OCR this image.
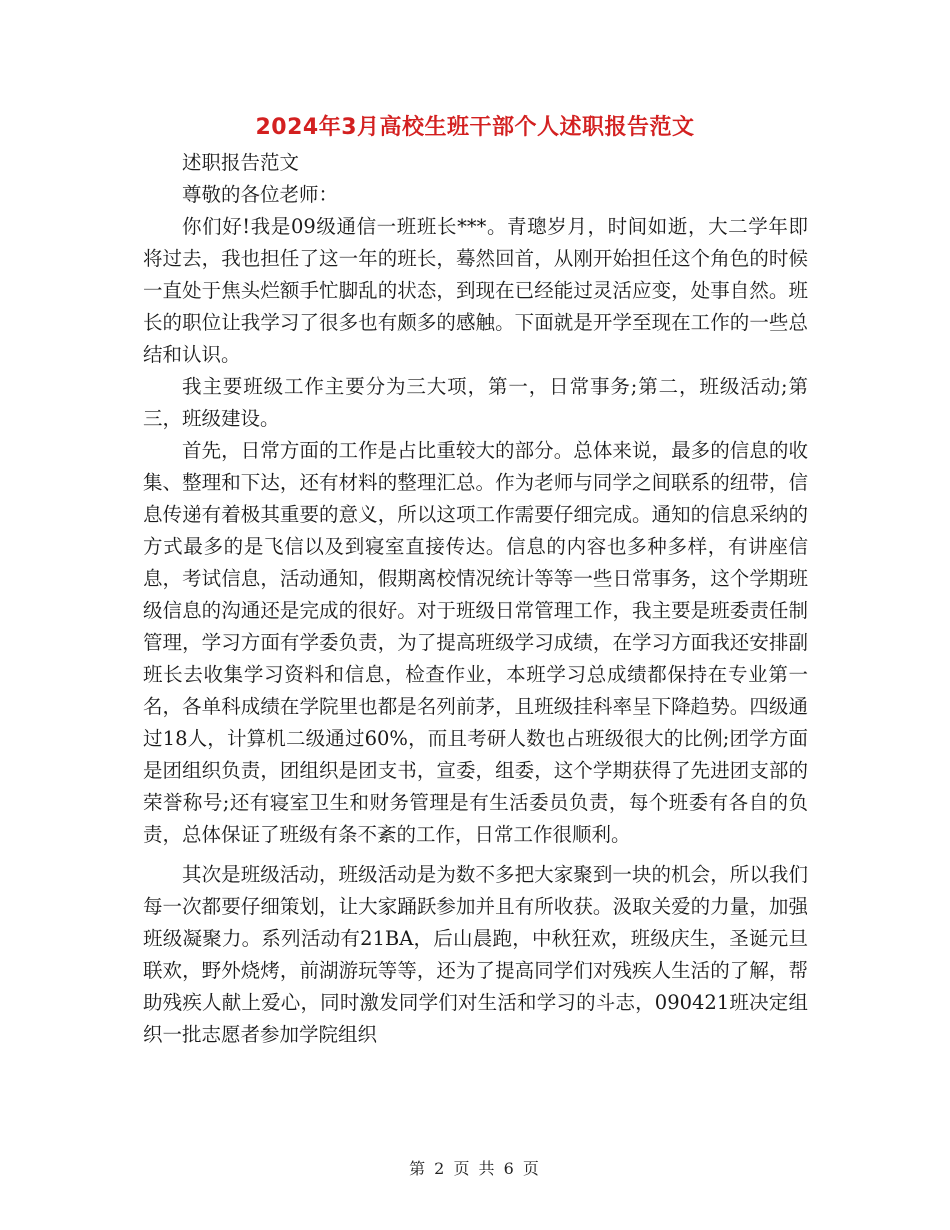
2024年3月高校生班干部个人述职报告范文

述职报告范文

尊敬的各位老师：

你们好!我是09级通信一班班长***。青璁岁月，时间如逝，大二学年即将过去，我也担任了这一年的班长，蓦然回首，从刚开始担任这个角色的时候一直处于焦头烂额手忙脚乱的状态，到现在已经能过灵活应变，处事自然。班长的职位让我学习了很多也有颇多的感触。下面就是开学至现在工作的一些总结和认识。

我主要班级工作主要分为三大项，第一，日常事务;第二，班级活动;第三，班级建设。

首先，日常方面的工作是占比重较大的部分。总体来说，最多的信息的收集、整理和下达，还有材料的整理汇总。作为老师与同学之间联系的纽带，信息传递有着极其重要的意义，所以这项工作需要仔细完成。通知的信息采纳的方式最多的是飞信以及到寝室直接传达。信息的内容也多种多样，有讲座信息，考试信息，活动通知，假期离校情况统计等等一些日常事务，这个学期班级信息的沟通还是完成的很好。对于班级日常管理工作，我主要是班委责任制管理，学习方面有学委负责，为了提高班级学习成绩，在学习方面我还安排副班长去收集学习资料和信息，检查作业，本班学习总成绩都保持在专业第一名，各单科成绩在学院里也都是名列前茅，且班级挂科率呈下降趋势。四级通过18人，计算机二级通过60%，而且考研人数也占班级很大的比例;团学方面是团组织负责，团组织是团支书，宣委，组委，这个学期获得了先进团支部的荣誉称号;还有寝室卫生和财务管理是有生活委员负责，每个班委有各自的负责，总体保证了班级有条不紊的工作，日常工作很顺利。

其次是班级活动，班级活动是为数不多把大家聚到一块的机会，所以我们每一次都要仔细策划，让大家踊跃参加并且有所收获。汲取关爱的力量，加强班级凝聚力。系列活动有21BA，后山晨跑，中秋狂欢，班级庆生，圣诞元旦联欢，野外烧烤，前湖游玩等等，还为了提高同学们对残疾人生活的了解，帮助残疾人献上爱心，同时激发同学们对生活和学习的斗志，090421班决定组织一批志愿者参加学院组织

第 2 页 共 6 页
